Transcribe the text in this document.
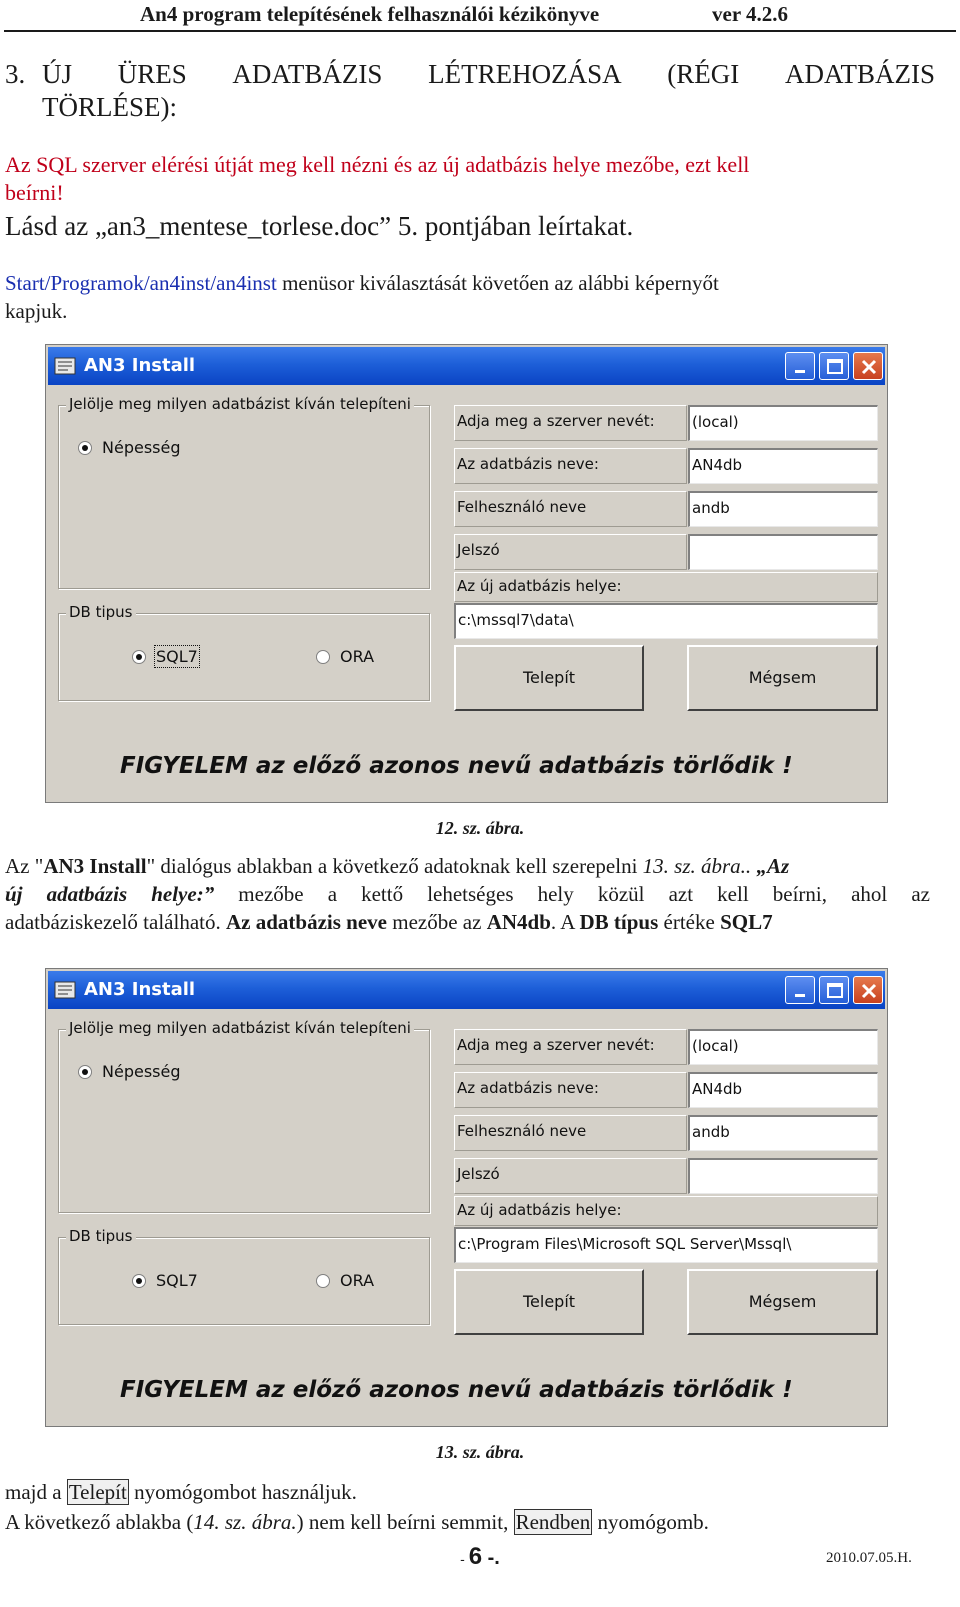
An4 program telepítésének felhasználói kézikönyve	ver 4.2.6
3. ÚJ ÜRES ADATBÁZIS LÉTREHOZÁSA (RÉGI ADATBÁZIS
TÖRLÉSE):
Az SQL szerver elérési útját meg kell nézni és az új adatbázis helye mezőbe, ezt kell
beírni!
Lásd az „an3_mentese_torlese.doc” 5. pontjában leírtakat.
Start/Programok/an4inst/an4inst menüsor kiválasztását követően az alábbi képernyőt
kapjuk.
AN3 Install
Jelölje meg milyen adatbázist kíván telepíteni
Népesség
DB tipus
SQL7	ORA
Adja meg a szerver nevét:	(local)
Az adatbázis neve:	AN4db
Felhesználó neve	andb
Jelszó
Az új adatbázis helye:
c:\mssql7\data\
Telepít	Mégsem
FIGYELEM az előző azonos nevű adatbázis törlődik !
12. sz. ábra.
Az "AN3 Install" dialógus ablakban a következő adatoknak kell szerepelni 13. sz. ábra.. „Az
új adatbázis helye:” mezőbe a kettő lehetséges hely közül azt kell beírni, ahol az
adatbáziskezelő található. Az adatbázis neve mezőbe az AN4db. A DB típus értéke SQL7
AN3 Install
Jelölje meg milyen adatbázist kíván telepíteni
Népesség
DB tipus
SQL7	ORA
Adja meg a szerver nevét:	(local)
Az adatbázis neve:	AN4db
Felhesználó neve	andb
Jelszó
Az új adatbázis helye:
c:\Program Files\Microsoft SQL Server\Mssql\
Telepít	Mégsem
FIGYELEM az előző azonos nevű adatbázis törlődik !
13. sz. ábra.
majd a Telepít nyomógombot használjuk.
A következő ablakba (14. sz. ábra.) nem kell beírni semmit, Rendben nyomógomb.
- 6 -.	2010.07.05.H.
